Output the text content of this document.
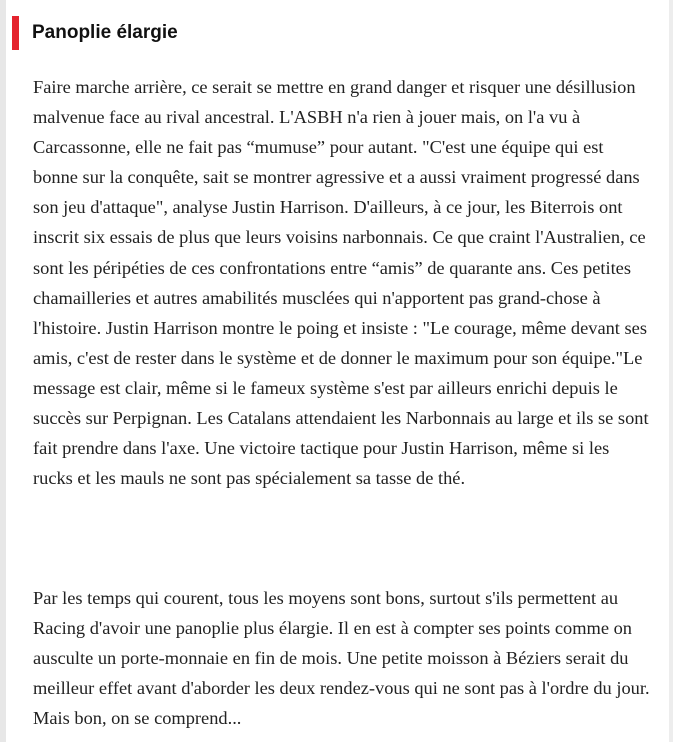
Panoplie élargie

Faire marche arrière, ce serait se mettre en grand danger et risquer une désillusion malvenue face au rival ancestral. L'ASBH n'a rien à jouer mais, on l'a vu à Carcassonne, elle ne fait pas “mumuse” pour autant. "C'est une équipe qui est bonne sur la conquête, sait se montrer agressive et a aussi vraiment progressé dans son jeu d'attaque", analyse Justin Harrison. D'ailleurs, à ce jour, les Biterrois ont inscrit six essais de plus que leurs voisins narbonnais. Ce que craint l'Australien, ce sont les péripéties de ces confrontations entre “amis” de quarante ans. Ces petites chamailleries et autres amabilités musclées qui n'apportent pas grand-chose à l'histoire. Justin Harrison montre le poing et insiste : "Le courage, même devant ses amis, c'est de rester dans le système et de donner le maximum pour son équipe."Le message est clair, même si le fameux système s'est par ailleurs enrichi depuis le succès sur Perpignan. Les Catalans attendaient les Narbonnais au large et ils se sont fait prendre dans l'axe. Une victoire tactique pour Justin Harrison, même si les rucks et les mauls ne sont pas spécialement sa tasse de thé.

Par les temps qui courent, tous les moyens sont bons, surtout s'ils permettent au Racing d'avoir une panoplie plus élargie. Il en est à compter ses points comme on ausculte un porte-monnaie en fin de mois. Une petite moisson à Béziers serait du meilleur effet avant d'aborder les deux rendez-vous qui ne sont pas à l'ordre du jour. Mais bon, on se comprend...
